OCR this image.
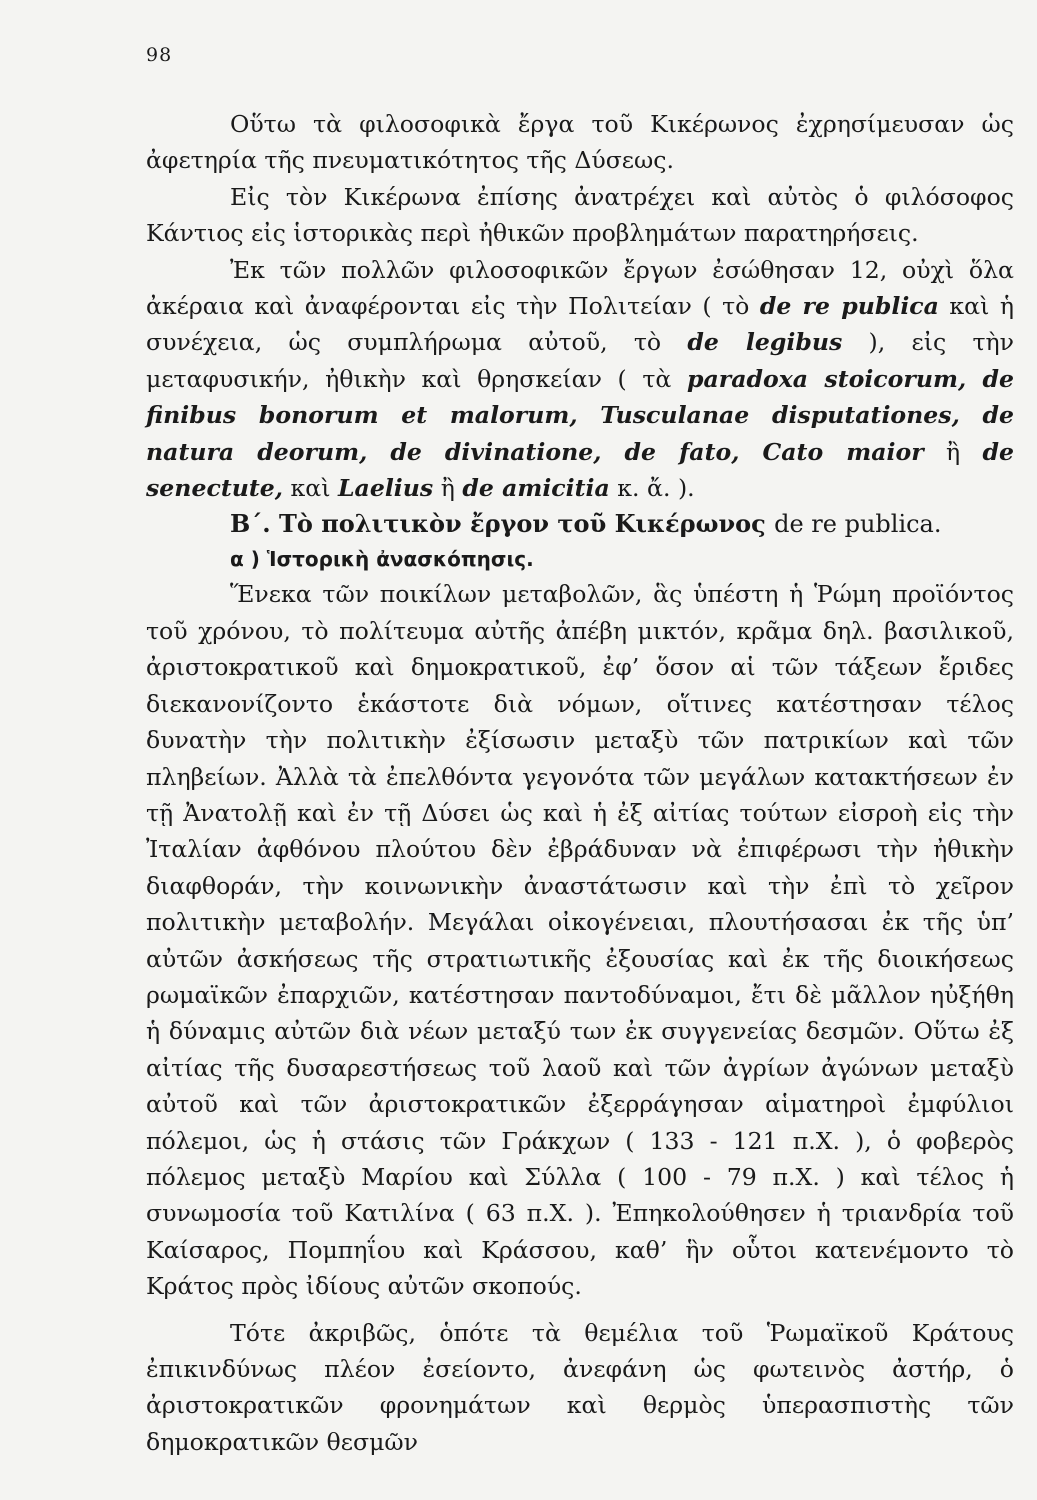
98

Οὕτω τὰ φιλοσοφικὰ ἔργα τοῦ Κικέρωνος ἐχρησίμευσαν ὡς ἀφετηρία τῆς πνευματικότητος τῆς Δύσεως.

Εἰς τὸν Κικέρωνα ἐπίσης ἀνατρέχει καὶ αὐτὸς ὁ φιλόσοφος Κάντιος εἰς ἱστορικὰς περὶ ἠθικῶν προβλημάτων παρατηρήσεις.

Ἐκ τῶν πολλῶν φιλοσοφικῶν ἔργων ἐσώθησαν 12, οὐχὶ ὅλα ἀκέραια καὶ ἀναφέρονται εἰς τὴν Πολιτείαν ( τὸ de re publica καὶ ἡ συνέχεια, ὡς συμπλήρωμα αὐτοῦ, τὸ de legibus ), εἰς τὴν μεταφυσικήν, ἠθικὴν καὶ θρησκείαν ( τὰ paradoxa stoicorum, de finibus bonorum et malorum, Tusculanae disputationes, de natura deorum, de divinatione, de fato, Cato maior ἢ de senectute, καὶ Laelius ἢ de amicitia κ. ἄ. ).

Β΄. Τὸ πολιτικὸν ἔργον τοῦ Κικέρωνος de re publica.

α ) Ἱστορικὴ ἀνασκόπησις.

Ἕνεκα τῶν ποικίλων μεταβολῶν, ἃς ὑπέστη ἡ Ῥώμη προϊόντος τοῦ χρόνου, τὸ πολίτευμα αὐτῆς ἀπέβη μικτόν, κρᾶμα δηλ. βασιλικοῦ, ἀριστοκρατικοῦ καὶ δημοκρατικοῦ, ἐφ’ ὅσον αἱ τῶν τάξεων ἔριδες διεκανονίζοντο ἑκάστοτε διὰ νόμων, οἵτινες κατέστησαν τέλος δυνατὴν τὴν πολιτικὴν ἐξίσωσιν μεταξὺ τῶν πατρικίων καὶ τῶν πληβείων. Ἀλλὰ τὰ ἐπελθόντα γεγονότα τῶν μεγάλων κατακτήσεων ἐν τῇ Ἀνατολῇ καὶ ἐν τῇ Δύσει ὡς καὶ ἡ ἐξ αἰτίας τούτων εἰσροὴ εἰς τὴν Ἰταλίαν ἀφθόνου πλούτου δὲν ἐβράδυναν νὰ ἐπιφέρωσι τὴν ἠθικὴν διαφθοράν, τὴν κοινωνικὴν ἀναστάτωσιν καὶ τὴν ἐπὶ τὸ χεῖρον πολιτικὴν μεταβολήν. Μεγάλαι οἰκογένειαι, πλουτήσασαι ἐκ τῆς ὑπ’ αὐτῶν ἀσκήσεως τῆς στρατιωτικῆς ἐξουσίας καὶ ἐκ τῆς διοικήσεως ρωμαϊκῶν ἐπαρχιῶν, κατέστησαν παντοδύναμοι, ἔτι δὲ μᾶλλον ηὐξήθη ἡ δύναμις αὐτῶν διὰ νέων μεταξύ των ἐκ συγγενείας δεσμῶν. Οὕτω ἐξ αἰτίας τῆς δυσαρεστήσεως τοῦ λαοῦ καὶ τῶν ἀγρίων ἀγώνων μεταξὺ αὐτοῦ καὶ τῶν ἀριστοκρατικῶν ἐξερράγησαν αἱματηροὶ ἐμφύλιοι πόλεμοι, ὡς ἡ στάσις τῶν Γράκχων ( 133 - 121 π.Χ. ), ὁ φοβερὸς πόλεμος μεταξὺ Μαρίου καὶ Σύλλα ( 100 - 79 π.Χ. ) καὶ τέλος ἡ συνωμοσία τοῦ Κατιλίνα ( 63 π.Χ. ). Ἐπηκολούθησεν ἡ τριανδρία τοῦ Καίσαρος, Πομπηΐου καὶ Κράσσου, καθ’ ἣν οὗτοι κατενέμοντο τὸ Κράτος πρὸς ἰδίους αὐτῶν σκοπούς.

Τότε ἀκριβῶς, ὁπότε τὰ θεμέλια τοῦ Ῥωμαϊκοῦ Κράτους ἐπικινδύνως πλέον ἐσείοντο, ἀνεφάνη ὡς φωτεινὸς ἀστήρ, ὁ ἀριστοκρατικῶν φρονημάτων καὶ θερμὸς ὑπερασπιστὴς τῶν δημοκρατικῶν θεσμῶν
